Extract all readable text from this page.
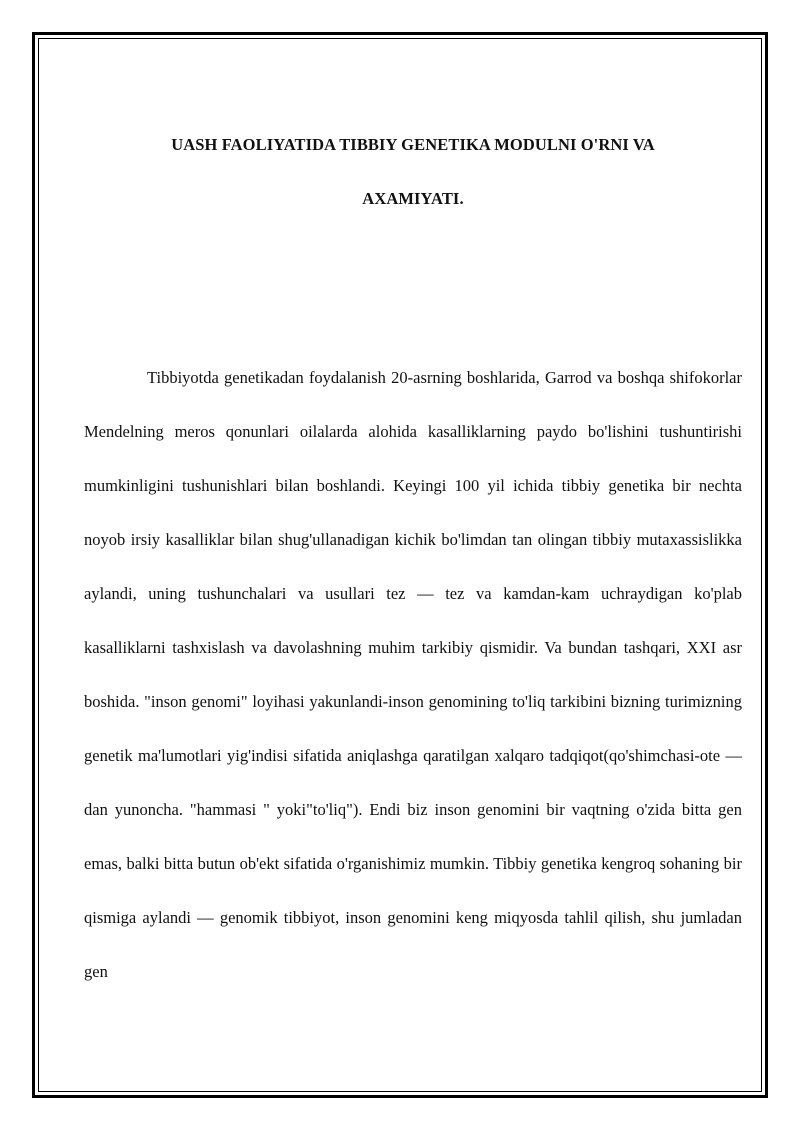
UASH FAOLIYATIDA TIBBIY GENETIKA MODULNI O'RNI VA
AXAMIYATI.

Tibbiyotda genetikadan foydalanish 20-asrning boshlarida, Garrod va boshqa shifokorlar Mendelning meros qonunlari oilalarda alohida kasalliklarning paydo bo'lishini tushuntirishi mumkinligini tushunishlari bilan boshlandi. Keyingi 100 yil ichida tibbiy genetika bir nechta noyob irsiy kasalliklar bilan shug'ullanadigan kichik bo'limdan tan olingan tibbiy mutaxassislikka aylandi, uning tushunchalari va usullari tez — tez va kamdan-kam uchraydigan ko'plab kasalliklarni tashxislash va davolashning muhim tarkibiy qismidir. Va bundan tashqari, XXI asr boshida. "inson genomi" loyihasi yakunlandi-inson genomining to'liq tarkibini bizning turimizning genetik ma'lumotlari yig'indisi sifatida aniqlashga qaratilgan xalqaro tadqiqot(qo'shimchasi-ote — dan yunoncha. "hammasi " yoki"to'liq"). Endi biz inson genomini bir vaqtning o'zida bitta gen emas, balki bitta butun ob'ekt sifatida o'rganishimiz mumkin. Tibbiy genetika kengroq sohaning bir qismiga aylandi — genomik tibbiyot, inson genomini keng miqyosda tahlil qilish, shu jumladan gen
